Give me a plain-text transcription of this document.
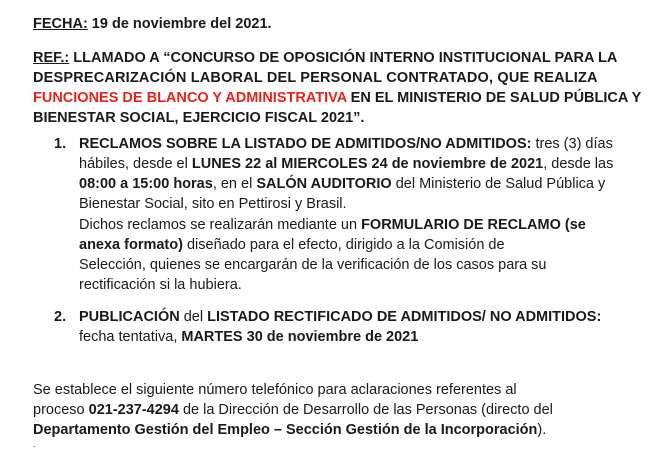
FECHA: 19 de noviembre del 2021.
REF.: LLAMADO A “CONCURSO DE OPOSICIÓN INTERNO INSTITUCIONAL PARA LA
DESPRECARIZACIÓN LABORAL DEL PERSONAL CONTRATADO, QUE REALIZA
FUNCIONES DE BLANCO Y ADMINISTRATIVA EN EL MINISTERIO DE SALUD PÚBLICA Y
BIENESTAR SOCIAL, EJERCICIO FISCAL 2021”.
1. RECLAMOS SOBRE LA LISTADO DE ADMITIDOS/NO ADMITIDOS: tres (3) días
hábiles, desde el LUNES 22 al MIERCOLES 24 de noviembre de 2021, desde las
08:00 a 15:00 horas, en el SALÓN AUDITORIO del Ministerio de Salud Pública y
Bienestar Social, sito en Pettirosi y Brasil.
Dichos reclamos se realizarán mediante un FORMULARIO DE RECLAMO (se
anexa formato) diseñado para el efecto, dirigido a la Comisión de
Selección, quienes se encargarán de la verificación de los casos para su
rectificación si la hubiera.
2. PUBLICACIÓN del LISTADO RECTIFICADO DE ADMITIDOS/ NO ADMITIDOS:
fecha tentativa, MARTES 30 de noviembre de 2021
Se establece el siguiente número telefónico para aclaraciones referentes al
proceso 021-237-4294 de la Dirección de Desarrollo de las Personas (directo del
Departamento Gestión del Empleo – Sección Gestión de la Incorporación).
.
